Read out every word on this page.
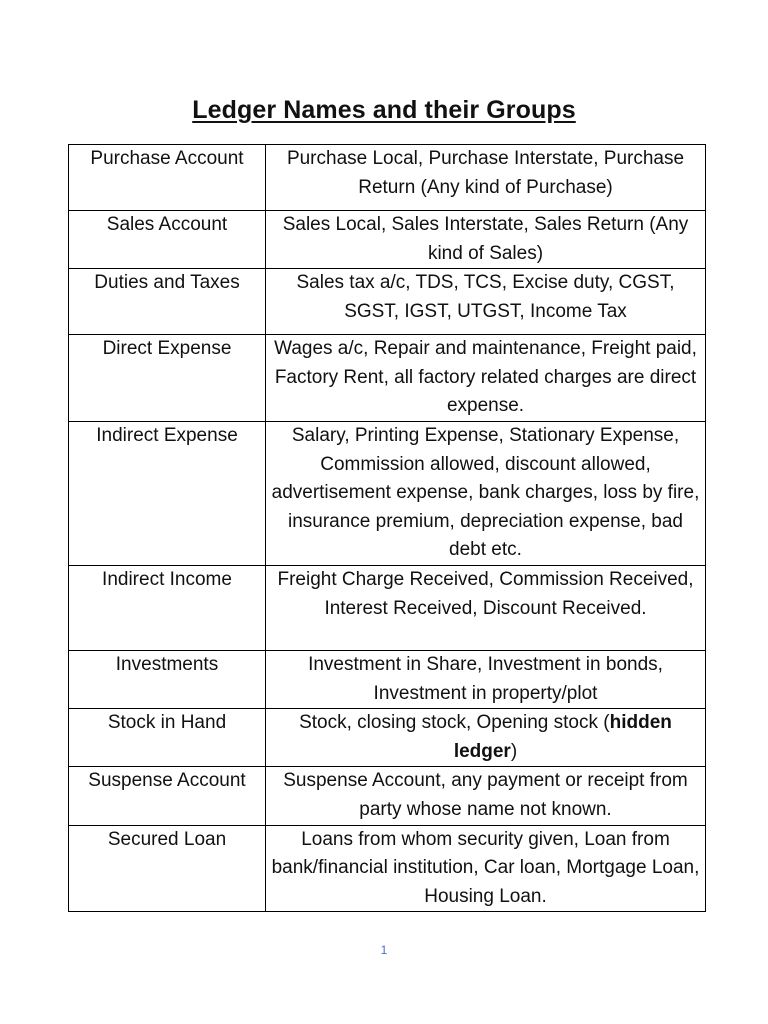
Ledger Names and their Groups
Purchase Account	Purchase Local, Purchase Interstate, Purchase Return (Any kind of Purchase)
Sales Account	Sales Local, Sales Interstate, Sales Return (Any kind of Sales)
Duties and Taxes	Sales tax a/c, TDS, TCS, Excise duty, CGST, SGST, IGST, UTGST, Income Tax
Direct Expense	Wages a/c, Repair and maintenance, Freight paid, Factory Rent, all factory related charges are direct expense.
Indirect Expense	Salary, Printing Expense, Stationary Expense, Commission allowed, discount allowed, advertisement expense, bank charges, loss by fire, insurance premium, depreciation expense, bad debt etc.
Indirect Income	Freight Charge Received, Commission Received, Interest Received, Discount Received.
Investments	Investment in Share, Investment in bonds, Investment in property/plot
Stock in Hand	Stock, closing stock, Opening stock (hidden ledger)
Suspense Account	Suspense Account, any payment or receipt from party whose name not known.
Secured Loan	Loans from whom security given, Loan from bank/financial institution, Car loan, Mortgage Loan, Housing Loan.
1
